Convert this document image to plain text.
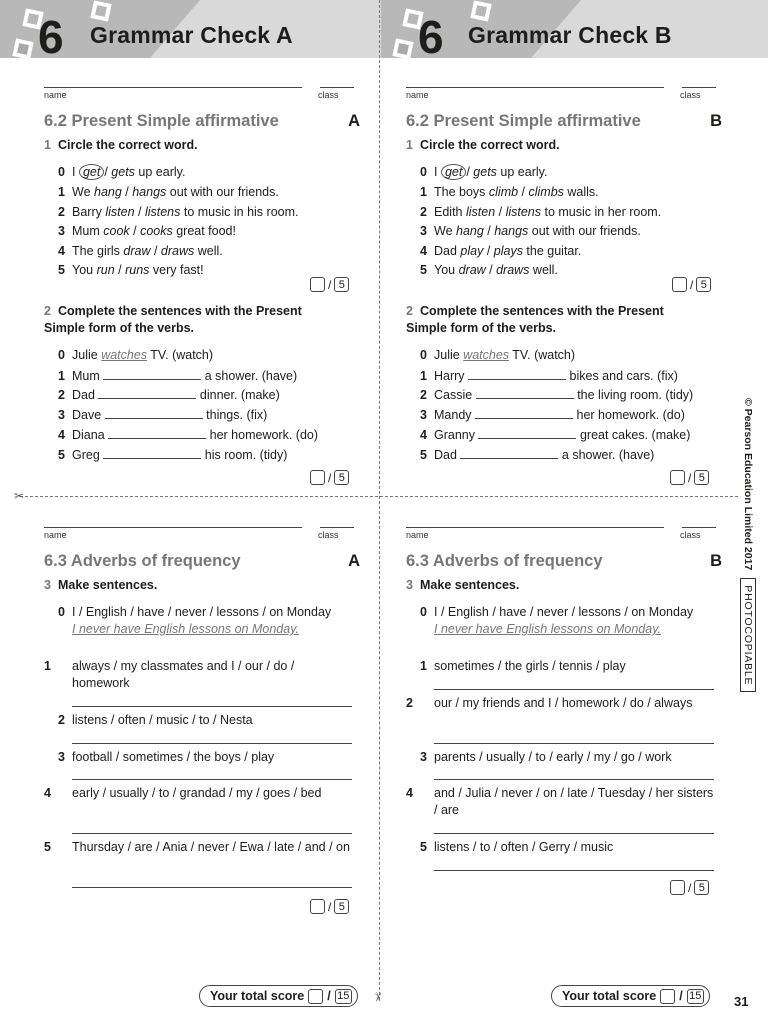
6 Grammar Check A	6 Grammar Check B
✂
✂
name	class
6.2 Present Simple affirmative	A
1 Circle the correct word.
0 I get / gets up early.
1 We hang / hangs out with our friends.
2 Barry listen / listens to music in his room.
3 Mum cook / cooks great food!
4 The girls draw / draws well.
5 You run / runs very fast!
/ 5
2 Complete the sentences with the Present Simple form of the verbs.
0 Julie watches TV. (watch)
1 Mum	a shower. (have)
2 Dad	dinner. (make)
3 Dave	things. (fix)
4 Diana	her homework. (do)
5 Greg	his room. (tidy)
/ 5
name	class
6.2 Present Simple affirmative	B
1 Circle the correct word.
0 I get / gets up early.
1 The boys climb / climbs walls.
2 Edith listen / listens to music in her room.
3 We hang / hangs out with our friends.
4 Dad play / plays the guitar.
5 You draw / draws well.
/ 5
2 Complete the sentences with the Present Simple form of the verbs.
0 Julie watches TV. (watch)
1 Harry	bikes and cars. (fix)
2 Cassie	the living room. (tidy)
3 Mandy	her homework. (do)
4 Granny	great cakes. (make)
5 Dad	a shower. (have)
/ 5
name	class
6.3 Adverbs of frequency	A
3 Make sentences.
0 I / English / have / never / lessons / on Monday
I never have English lessons on Monday.
1 always / my classmates and I / our / do / homework
2 listens / often / music / to / Nesta
3 football / sometimes / the boys / play
4 early / usually / to / grandad / my / goes / bed
5 Thursday / are / Ania / never / Ewa / late / and / on
/ 5
name	class
6.3 Adverbs of frequency	B
3 Make sentences.
0 I / English / have / never / lessons / on Monday
I never have English lessons on Monday.
1 sometimes / the girls / tennis / play
2 our / my friends and I / homework / do / always
3 parents / usually / to / early / my / go / work
4 and / Julia / never / on / late / Tuesday / her sisters / are
5 listens / to / often / Gerry / music
/ 5
Your total score / 15	Your total score / 15
© Pearson Education Limited 2017
PHOTOCOPIABLE
31
